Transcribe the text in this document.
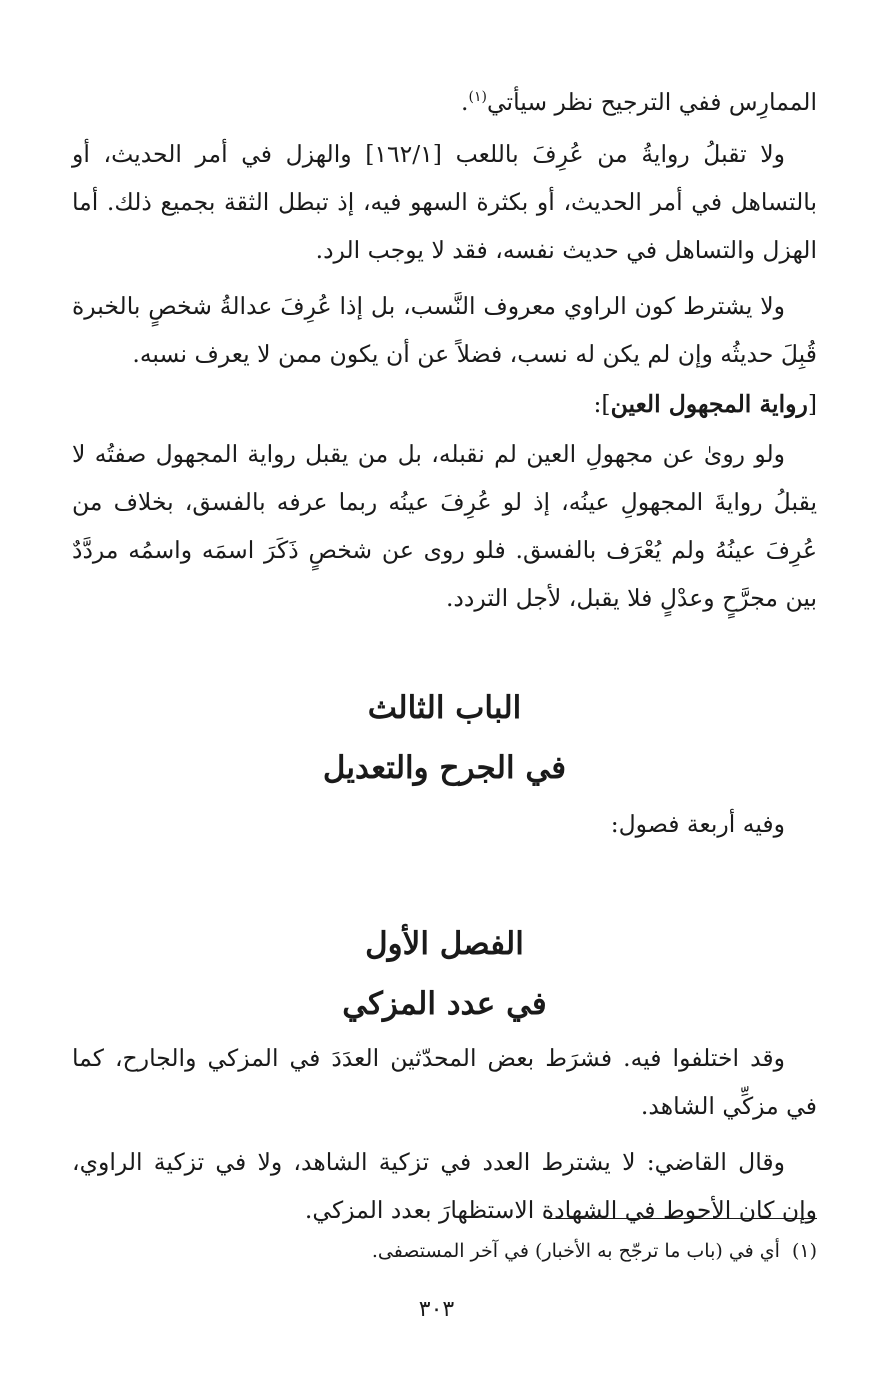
الممارِس ففي الترجيح نظر سيأتي$^{(١)}$.

ولا تقبلُ روايةُ من عُرِفَ باللعب [١٦٢/١] والهزل في أمر الحديث، أو بالتساهل في أمر الحديث، أو بكثرة السهو فيه، إذ تبطل الثقة بجميع ذلك. أما الهزل والتساهل في حديث نفسه، فقد لا يوجب الرد.

ولا يشترط كون الراوي معروف النَّسب، بل إذا عُرِفَ عدالةُ شخصٍ بالخبرة قُبِلَ حديثُه وإن لم يكن له نسب، فضلاً عن أن يكون ممن لا يعرف نسبه.

[رواية المجهول العين]:

ولو روىٰ عن مجهولِ العين لم نقبله، بل من يقبل رواية المجهول صفتُه لا يقبلُ روايةَ المجهولِ عينُه، إذ لو عُرِفَ عينُه ربما عرفه بالفسق، بخلاف من عُرِفَ عينُهُ ولم يُعْرَف بالفسق. فلو روى عن شخصٍ ذَكَرَ اسمَه واسمُه مردَّدٌ بين مجرَّحٍ وعدْلٍ فلا يقبل، لأجل التردد.

الباب الثالث
في الجرح والتعديل

وفيه أربعة فصول:

الفصل الأول
في عدد المزكي

وقد اختلفوا فيه. فشرَط بعض المحدّثين العدَدَ في المزكي والجارح، كما في مزكِّي الشاهد.

وقال القاضي: لا يشترط العدد في تزكية الشاهد، ولا في تزكية الراوي، وإن كان الأحوط في الشهادة الاستظهارَ بعدد المزكي.

(١)أي في (باب ما ترجّح به الأخبار) في آخر المستصفى.
٣٠٣
